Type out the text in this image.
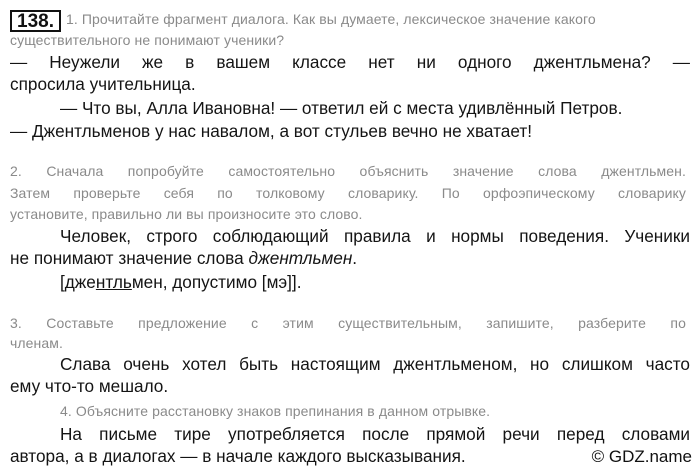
138. 1. Прочитайте фрагмент диалога. Как вы думаете, лексическое значение какого
существительного не понимают ученики?
— Неужели же в вашем классе нет ни одного джентльмена? —
спросила учительница.
— Что вы, Алла Ивановна! — ответил ей с места удивлённый Петров.
— Джентльменов у нас навалом, а вот стульев вечно не хватает!
2. Сначала попробуйте самостоятельно объяснить значение слова джентльмен.
Затем проверьте себя по толковому словарику. По орфоэпическому словарику
установите, правильно ли вы произносите это слово.
Человек, строго соблюдающий правила и нормы поведения. Ученики
не понимают значение слова джентльмен.
[джентльмен, допустимо [мэ]].
3. Составьте предложение с этим существительным, запишите, разберите по
членам.
Слава очень хотел быть настоящим джентльменом, но слишком часто
ему что-то мешало.
4. Объясните расстановку знаков препинания в данном отрывке.
На письме тире употребляется после прямой речи перед словами
автора, а в диалогах — в начале каждого высказывания.	© GDZ.name
